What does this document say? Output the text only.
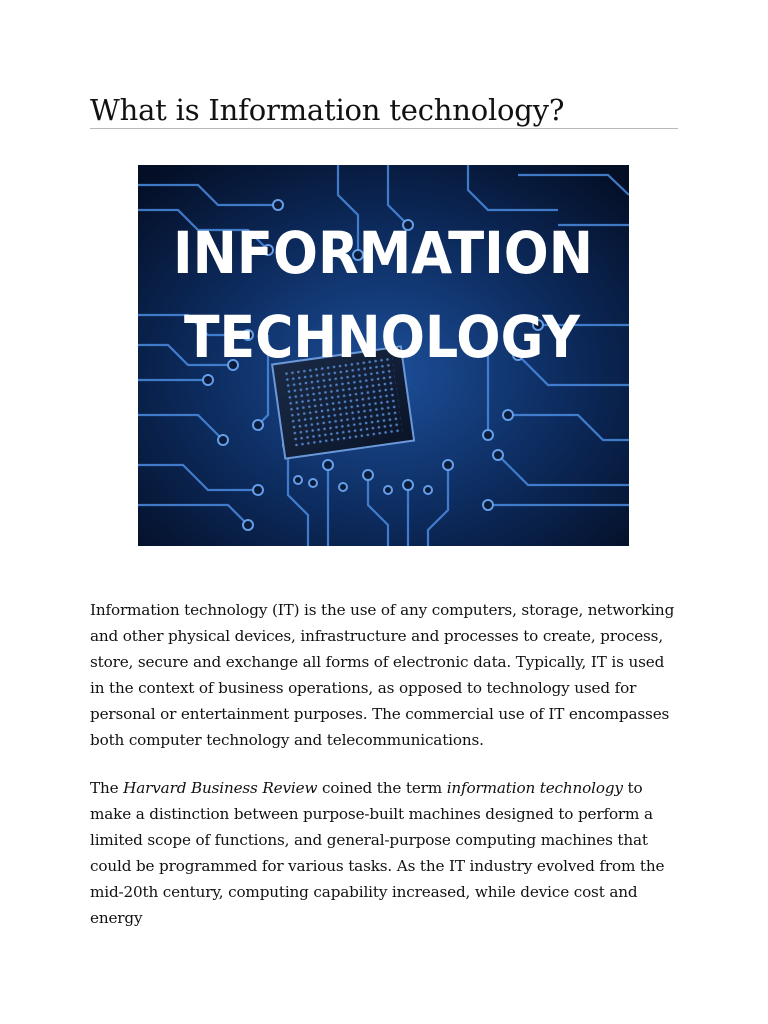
What is Information technology?
INFORMATION
TECHNOLOGY

Information technology (IT) is the use of any computers, storage, networking and other physical devices, infrastructure and processes to create, process, store, secure and exchange all forms of electronic data. Typically, IT is used in the context of business operations, as opposed to technology used for personal or entertainment purposes. The commercial use of IT encompasses both computer technology and telecommunications.

The Harvard Business Review coined the term information technology to make a distinction between purpose-built machines designed to perform a limited scope of functions, and general-purpose computing machines that could be programmed for various tasks. As the IT industry evolved from the mid-20th century, computing capability increased, while device cost and energy
